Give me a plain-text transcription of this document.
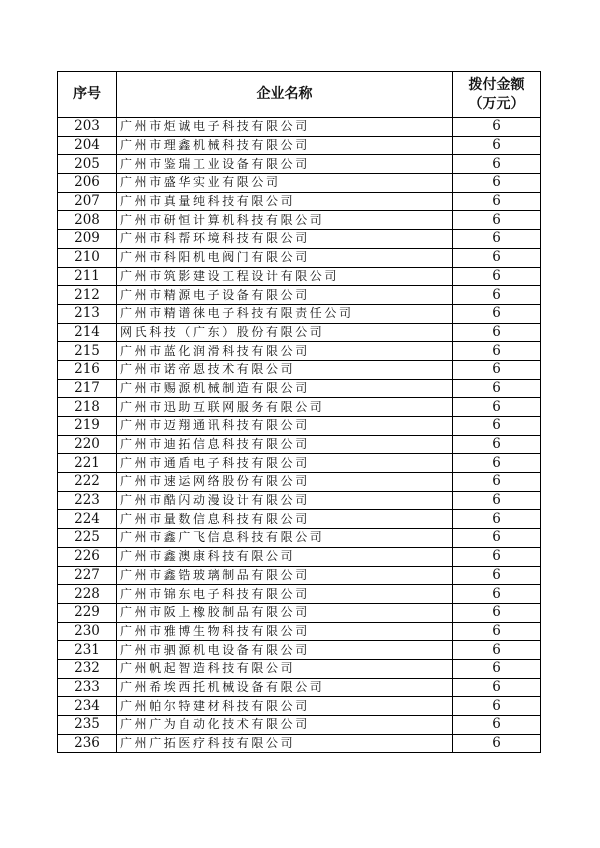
序号	企业名称	拨付金额
（万元）

203	广州市炬诚电子科技有限公司	6
204	广州市理鑫机械科技有限公司	6
205	广州市鉴瑞工业设备有限公司	6
206	广州市盛华实业有限公司	6
207	广州市真量纯科技有限公司	6
208	广州市研恒计算机科技有限公司	6
209	广州市科帮环境科技有限公司	6
210	广州市科阳机电阀门有限公司	6
211	广州市筑影建设工程设计有限公司	6
212	广州市精源电子设备有限公司	6
213	广州市精谱徕电子科技有限责任公司	6
214	网氏科技（广东）股份有限公司	6
215	广州市蓝化润滑科技有限公司	6
216	广州市诺帝恩技术有限公司	6
217	广州市赐源机械制造有限公司	6
218	广州市迅助互联网服务有限公司	6
219	广州市迈翔通讯科技有限公司	6
220	广州市迪拓信息科技有限公司	6
221	广州市通盾电子科技有限公司	6
222	广州市速运网络股份有限公司	6
223	广州市酷闪动漫设计有限公司	6
224	广州市量数信息科技有限公司	6
225	广州市鑫广飞信息科技有限公司	6
226	广州市鑫澳康科技有限公司	6
227	广州市鑫锆玻璃制品有限公司	6
228	广州市锦东电子科技有限公司	6
229	广州市阪上橡胶制品有限公司	6
230	广州市雅博生物科技有限公司	6
231	广州市驷源机电设备有限公司	6
232	广州帆起智造科技有限公司	6
233	广州希埃西托机械设备有限公司	6
234	广州帕尔特建材科技有限公司	6
235	广州广为自动化技术有限公司	6
236	广州广拓医疗科技有限公司	6
